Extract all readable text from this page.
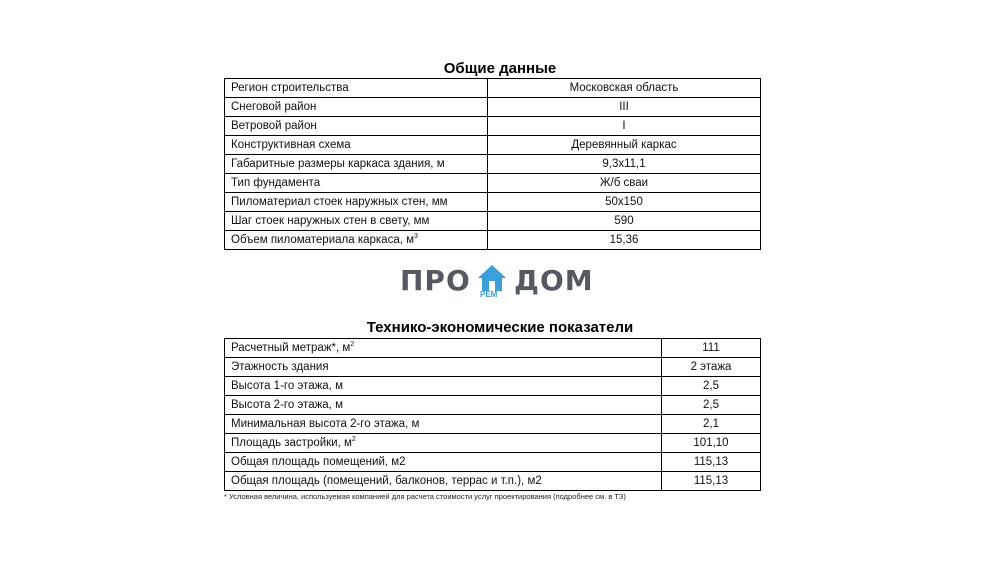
Общие данные
Регион строительства	Московская область
Снеговой район	III
Ветровой район	I
Конструктивная схема	Деревянный каркас
Габаритные размеры каркаса здания, м	9,3х11,1
Тип фундамента	Ж/б сваи
Пиломатериал стоек наружных стен, мм	50х150
Шаг стоек наружных стен в свету, мм	590
Объем пиломатериала каркаса, $м^3$	15,36
ПРО РЕМ ДОМ
Технико-экономические показатели
Расчетный метраж*, $м^2$	111
Этажность здания	2 этажа
Высота 1-го этажа, м	2,5
Высота 2-го этажа, м	2,5
Минимальная высота 2-го этажа, м	2,1
Площадь застройки, $м^2$	101,10
Общая площадь помещений, м2	115,13
Общая площадь (помещений, балконов, террас и т.п.), м2	115,13
* Условная величина, используемая компанией для расчета стоимости услуг проектирования (подробнее см. в ТЗ)
